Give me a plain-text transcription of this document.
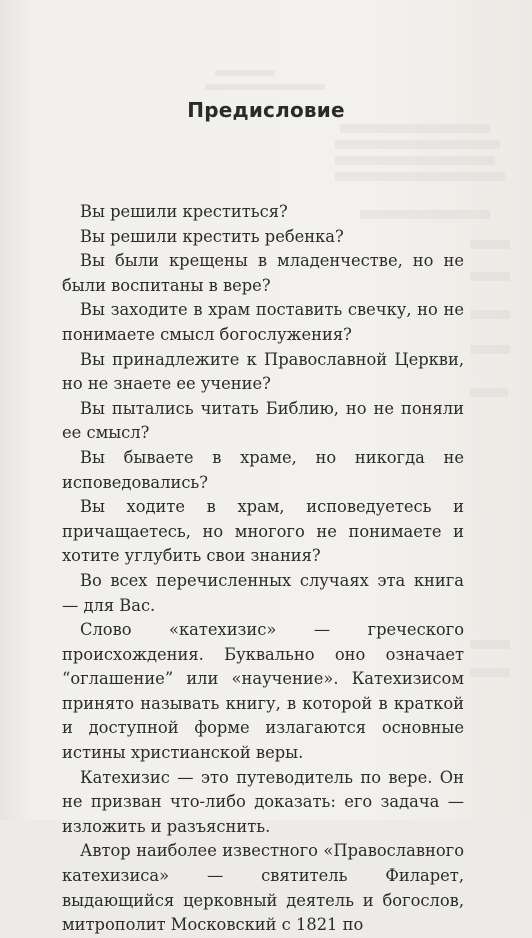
Предисловие

Вы решили креститься?

Вы решили крестить ребенка?

Вы были крещены в младенчестве, но не были воспитаны в вере?

Вы заходите в храм поставить свечку, но не понимаете смысл богослужения?

Вы принадлежите к Православной Церкви, но не знаете ее учение?

Вы пытались читать Библию, но не поняли ее смысл?

Вы бываете в храме, но никогда не исповедовались?

Вы ходите в храм, исповедуетесь и причащаетесь, но многого не понимаете и хотите углубить свои знания?

Во всех перечисленных случаях эта книга — для Вас.

Слово «катехизис» — греческого происхождения. Буквально оно означает “оглашение” или «научение». Катехизисом принято называть книгу, в которой в краткой и доступной форме излагаются основные истины христианской веры.

Катехизис — это путеводитель по вере. Он не призван что-либо доказать: его задача — изложить и разъяснить.

Автор наиболее известного «Православного катехизиса» — святитель Филарет, выдающийся церковный деятель и богослов, митрополит Московский с 1821 по
